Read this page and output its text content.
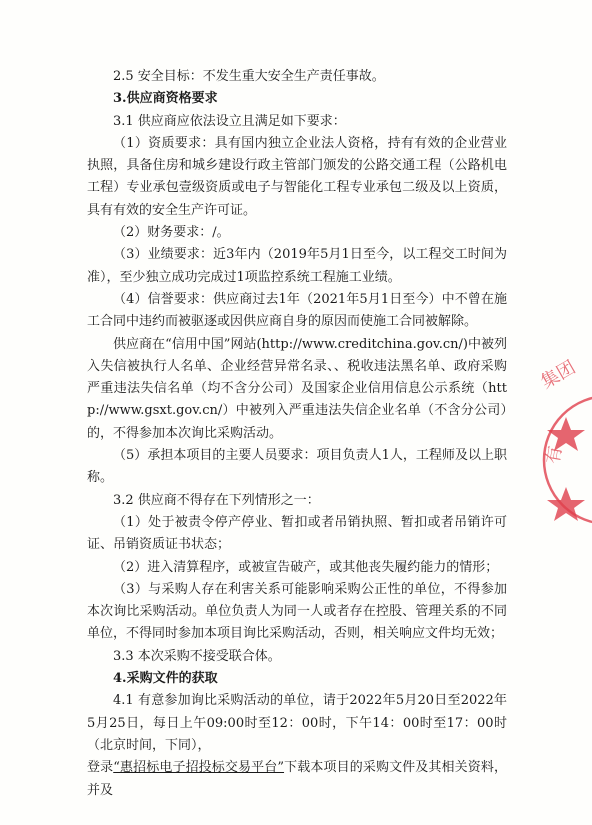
2.5 安全目标：不发生重大安全生产责任事故。

3.供应商资格要求

3.1 供应商应依法设立且满足如下要求：

（1）资质要求：具有国内独立企业法人资格，持有有效的企业营业执照，具备住房和城乡建设行政主管部门颁发的公路交通工程（公路机电工程）专业承包壹级资质或电子与智能化工程专业承包二级及以上资质，具有有效的安全生产许可证。

（2）财务要求：/。

（3）业绩要求：近3年内（2019年5月1日至今，以工程交工时间为准），至少独立成功完成过1项监控系统工程施工业绩。

（4）信誉要求：供应商过去1年（2021年5月1日至今）中不曾在施工合同中违约而被驱逐或因供应商自身的原因而使施工合同被解除。

供应商在“信用中国”网站(http://www.creditchina.gov.cn/)中被列入失信被执行人名单、企业经营异常名录、、税收违法黑名单、政府采购严重违法失信名单（均不含分公司）及国家企业信用信息公示系统（http://www.gsxt.gov.cn/）中被列入严重违法失信企业名单（不含分公司）的，不得参加本次询比采购活动。

（5）承担本项目的主要人员要求：项目负责人1人，工程师及以上职称。

3.2 供应商不得存在下列情形之一：

（1）处于被责令停产停业、暂扣或者吊销执照、暂扣或者吊销许可证、吊销资质证书状态；

（2）进入清算程序，或被宣告破产，或其他丧失履约能力的情形；

（3）与采购人存在利害关系可能影响采购公正性的单位，不得参加本次询比采购活动。单位负责人为同一人或者存在控股、管理关系的不同单位，不得同时参加本项目询比采购活动，否则，相关响应文件均无效；

3.3 本次采购不接受联合体。

4.采购文件的获取

4.1 有意参加询比采购活动的单位，请于2022年5月20日至2022年5月25日，每日上午09:00时至12：00时，下午14：00时至17：00时（北京时间，下同），

登录“惠招标电子招投标交易平台”下载本项目的采购文件及其相关资料，并及

集团
有
